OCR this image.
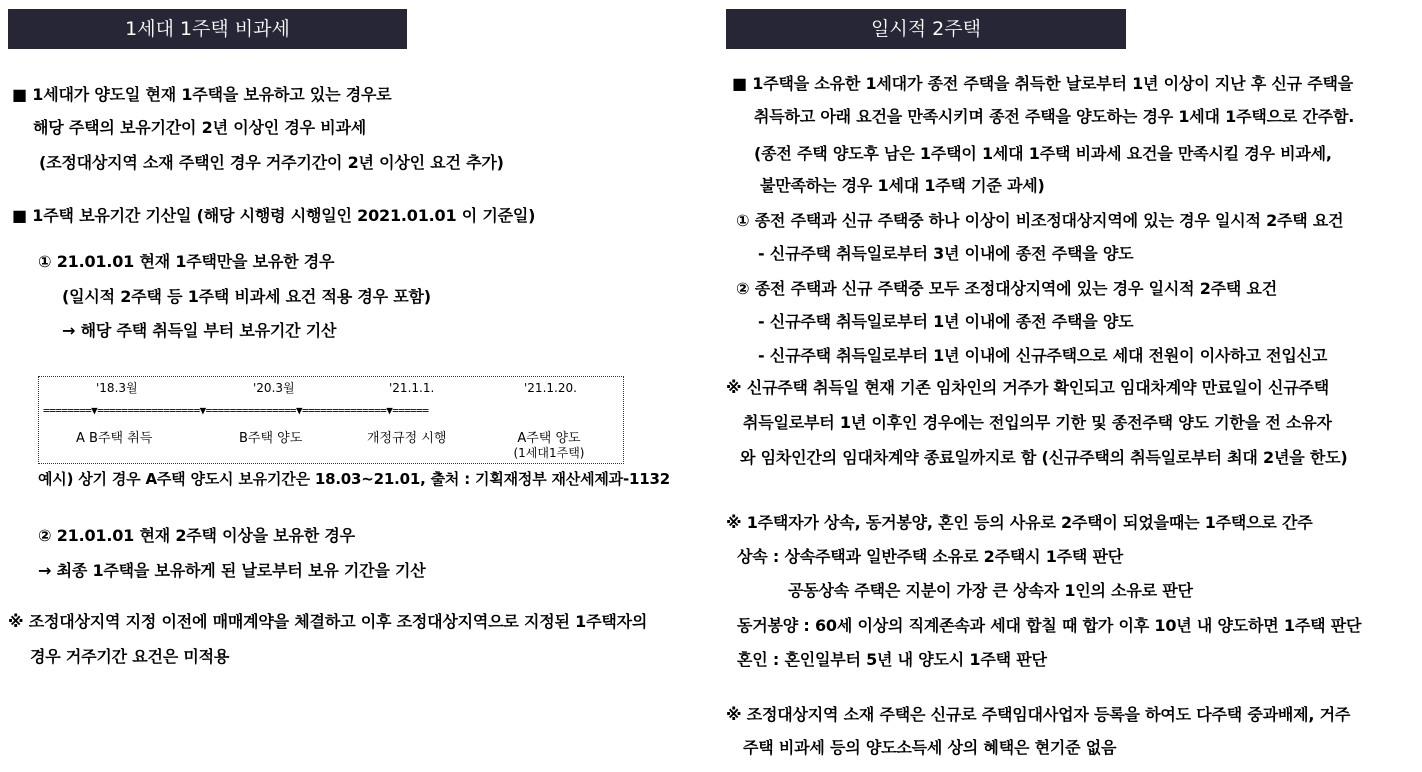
1세대 1주택 비과세
■ 1세대가 양도일 현재 1주택을 보유하고 있는 경우로
해당 주택의 보유기간이 2년 이상인 경우 비과세
(조정대상지역 소재 주택인 경우 거주기간이 2년 이상인 요건 추가)
■ 1주택 보유기간 기산일 (해당 시행령 시행일인 2021.01.01 이 기준일)
① 21.01.01 현재 1주택만을 보유한 경우
(일시적 2주택 등 1주택 비과세 요건 적용 경우 포함)
→ 해당 주택 취득일 부터 보유기간 기산
'18.3월	'20.3월	'21.1.1.	'21.1.20.
========▼=================▼===============▼==============▼======
A B주택 취득	B주택 양도	개정규정 시행	A주택 양도
(1세대1주택)
예시) 상기 경우 A주택 양도시 보유기간은 18.03~21.01, 출처 : 기획재정부 재산세제과-1132
② 21.01.01 현재 2주택 이상을 보유한 경우
→ 최종 1주택을 보유하게 된 날로부터 보유 기간을 기산
※ 조정대상지역 지정 이전에 매매계약을 체결하고 이후 조정대상지역으로 지정된 1주택자의
경우 거주기간 요건은 미적용
일시적 2주택
■ 1주택을 소유한 1세대가 종전 주택을 취득한 날로부터 1년 이상이 지난 후 신규 주택을
취득하고 아래 요건을 만족시키며 종전 주택을 양도하는 경우 1세대 1주택으로 간주함.
(종전 주택 양도후 남은 1주택이 1세대 1주택 비과세 요건을 만족시킬 경우 비과세,
불만족하는 경우 1세대 1주택 기준 과세)
① 종전 주택과 신규 주택중 하나 이상이 비조정대상지역에 있는 경우 일시적 2주택 요건
- 신규주택 취득일로부터 3년 이내에 종전 주택을 양도
② 종전 주택과 신규 주택중 모두 조정대상지역에 있는 경우 일시적 2주택 요건
- 신규주택 취득일로부터 1년 이내에 종전 주택을 양도
- 신규주택 취득일로부터 1년 이내에 신규주택으로 세대 전원이 이사하고 전입신고
※ 신규주택 취득일 현재 기존 임차인의 거주가 확인되고 임대차계약 만료일이 신규주택
취득일로부터 1년 이후인 경우에는 전입의무 기한 및 종전주택 양도 기한을 전 소유자
와 임차인간의 임대차계약 종료일까지로 함 (신규주택의 취득일로부터 최대 2년을 한도)
※ 1주택자가 상속, 동거봉양, 혼인 등의 사유로 2주택이 되었을때는 1주택으로 간주
상속 : 상속주택과 일반주택 소유로 2주택시 1주택 판단
공동상속 주택은 지분이 가장 큰 상속자 1인의 소유로 판단
동거봉양 : 60세 이상의 직계존속과 세대 합칠 때 합가 이후 10년 내 양도하면 1주택 판단
혼인 : 혼인일부터 5년 내 양도시 1주택 판단
※ 조정대상지역 소재 주택은 신규로 주택임대사업자 등록을 하여도 다주택 중과배제, 거주
주택 비과세 등의 양도소득세 상의 혜택은 현기준 없음
